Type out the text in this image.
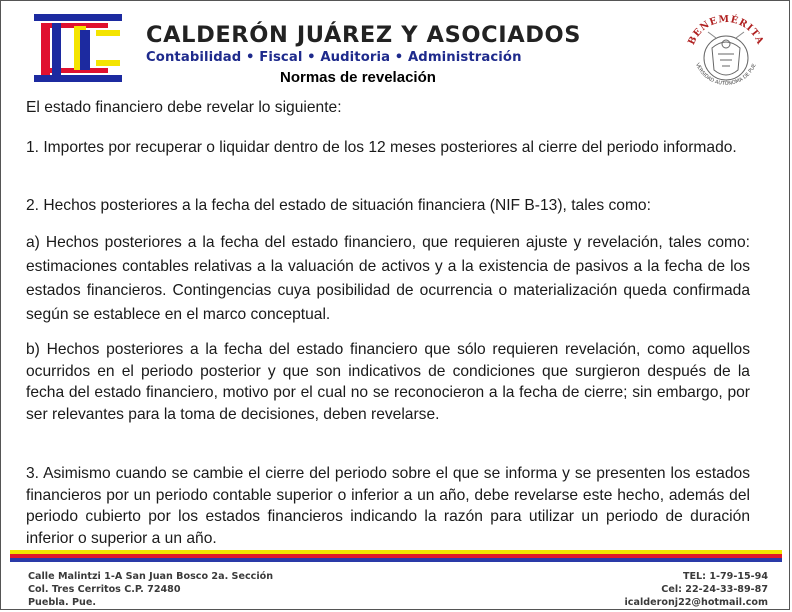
CALDERÓN JUÁREZ Y ASOCIADOS
Contabilidad • Fiscal • Auditoria • Administración
BENEMÉRITA
VERSIDAD AUTÓNOMA DE PUE
Normas de revelación

El estado financiero debe revelar lo siguiente:

1. Importes por recuperar o liquidar dentro de los 12 meses posteriores al cierre del periodo informado.

2. Hechos posteriores a la fecha del estado de situación financiera (NIF B-13), tales como:

a) Hechos posteriores a la fecha del estado financiero, que requieren ajuste y revelación, tales como: estimaciones contables relativas a la valuación de activos y a la existencia de pasivos a la fecha de los estados financieros. Contingencias cuya posibilidad de ocurrencia o materialización queda confirmada según se establece en el marco conceptual.

b) Hechos posteriores a la fecha del estado financiero que sólo requieren revelación, como aquellos ocurridos en el periodo posterior y que son indicativos de condiciones que surgieron después de la fecha del estado financiero, motivo por el cual no se reconocieron a la fecha de cierre; sin embargo, por ser relevantes para la toma de decisiones, deben revelarse.

3. Asimismo cuando se cambie el cierre del periodo sobre el que se informa y se presenten los estados financieros por un periodo contable superior o inferior a un año, debe revelarse este hecho, además del periodo cubierto por los estados financieros indicando la razón para utilizar un periodo de duración inferior o superior a un año.

Calle Malintzi 1-A San Juan Bosco 2a. Sección
Col. Tres Cerritos C.P. 72480
Puebla. Pue.
TEL: 1-79-15-94
Cel: 22-24-33-89-87
icalderonj22@hotmail.com
